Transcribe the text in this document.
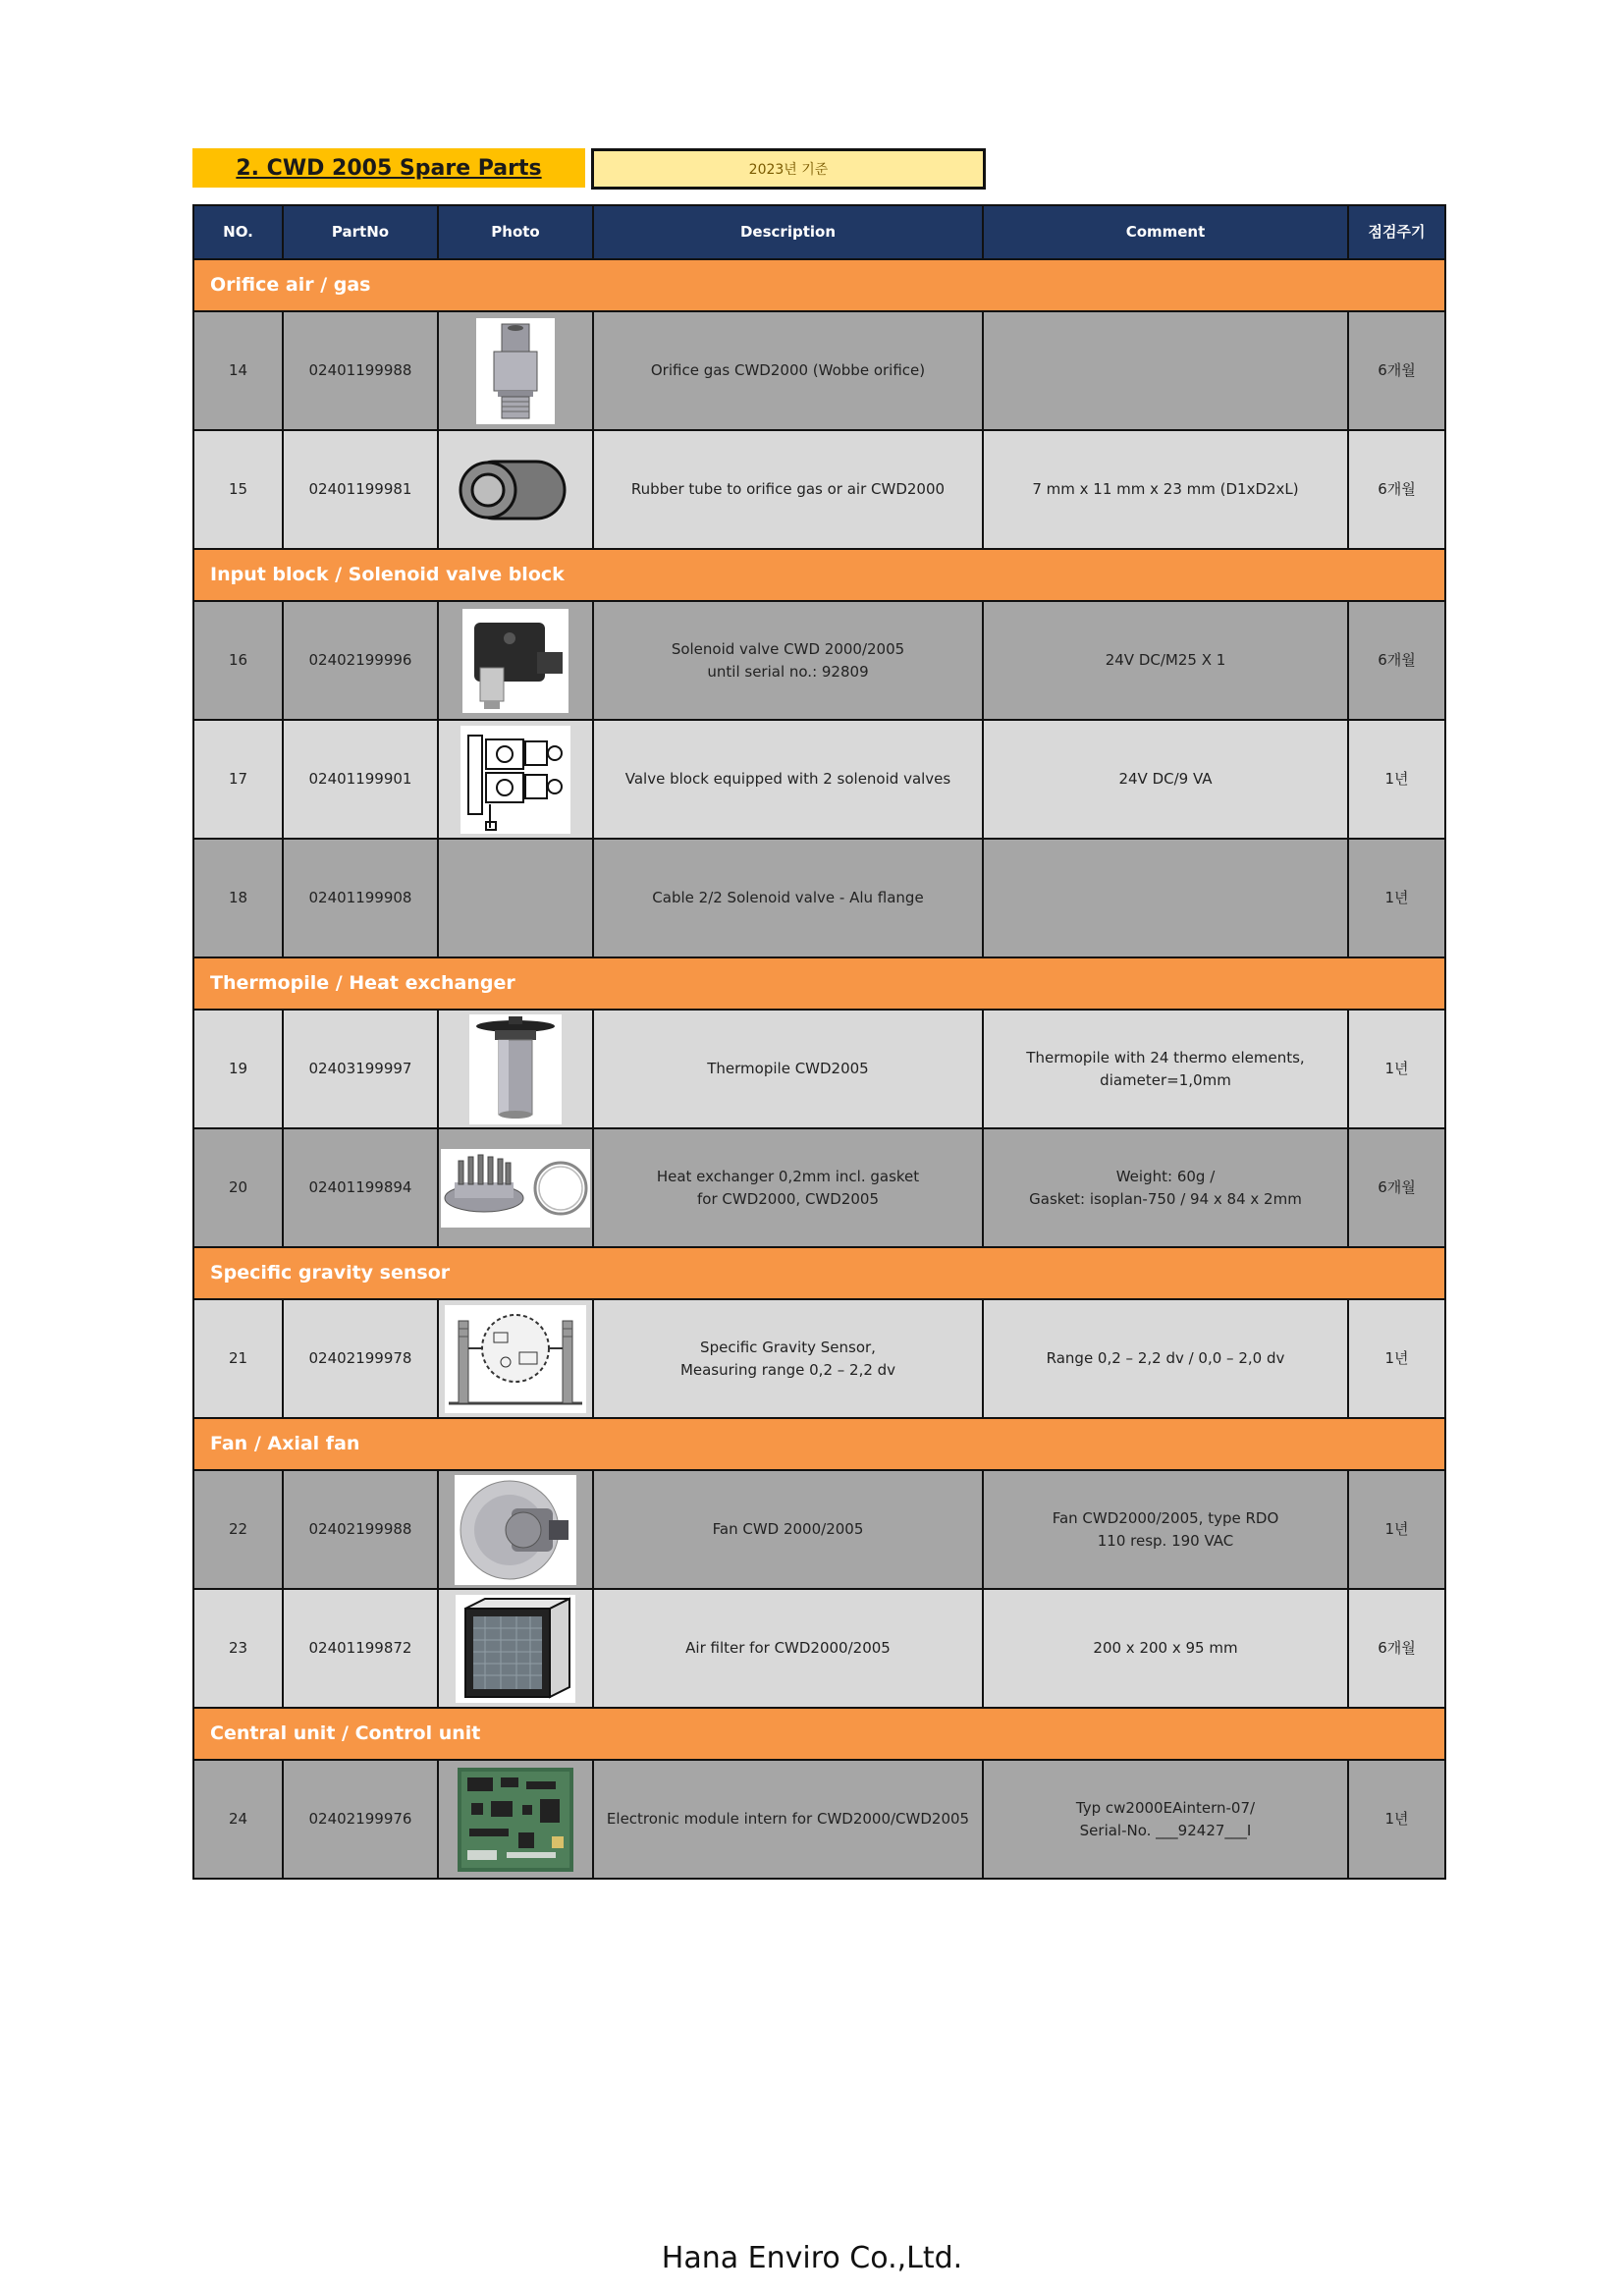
2. CWD 2005 Spare Parts	2023년 기준
NO.	PartNo	Photo	Description	Comment	점검주기
Orifice air / gas					
14	02401199988		Orifice gas CWD2000 (Wobbe orifice)		6개월
15	02401199981		Rubber tube to orifice gas or air CWD2000	7 mm x 11 mm x 23 mm (D1xD2xL)	6개월
Input block / Solenoid valve block					
16	02402199996		Solenoid valve CWD 2000/2005
until serial no.: 92809	24V DC/M25 X 1	6개월
17	02401199901		Valve block equipped with 2 solenoid valves	24V DC/9 VA	1년
18	02401199908		Cable 2/2 Solenoid valve - Alu flange		1년
Thermopile / Heat exchanger					
19	02403199997		Thermopile CWD2005	Thermopile with 24 thermo elements,
diameter=1,0mm	1년
20	02401199894		Heat exchanger 0,2mm incl. gasket
for CWD2000, CWD2005	Weight: 60g /
Gasket: isoplan-750 / 94 x 84 x 2mm	6개월
Specific gravity sensor					
21	02402199978		Specific Gravity Sensor,
Measuring range 0,2 – 2,2 dv	Range 0,2 – 2,2 dv / 0,0 – 2,0 dv	1년
Fan / Axial fan					
22	02402199988		Fan CWD 2000/2005	Fan CWD2000/2005, type RDO
110 resp. 190 VAC	1년
23	02401199872		Air filter for CWD2000/2005	200 x 200 x 95 mm	6개월
Central unit / Control unit					
24	02402199976		Electronic module intern for CWD2000/CWD2005	Typ cw2000EAintern-07/
Serial-No. ___92427___I	1년
Hana Enviro Co.,Ltd.
